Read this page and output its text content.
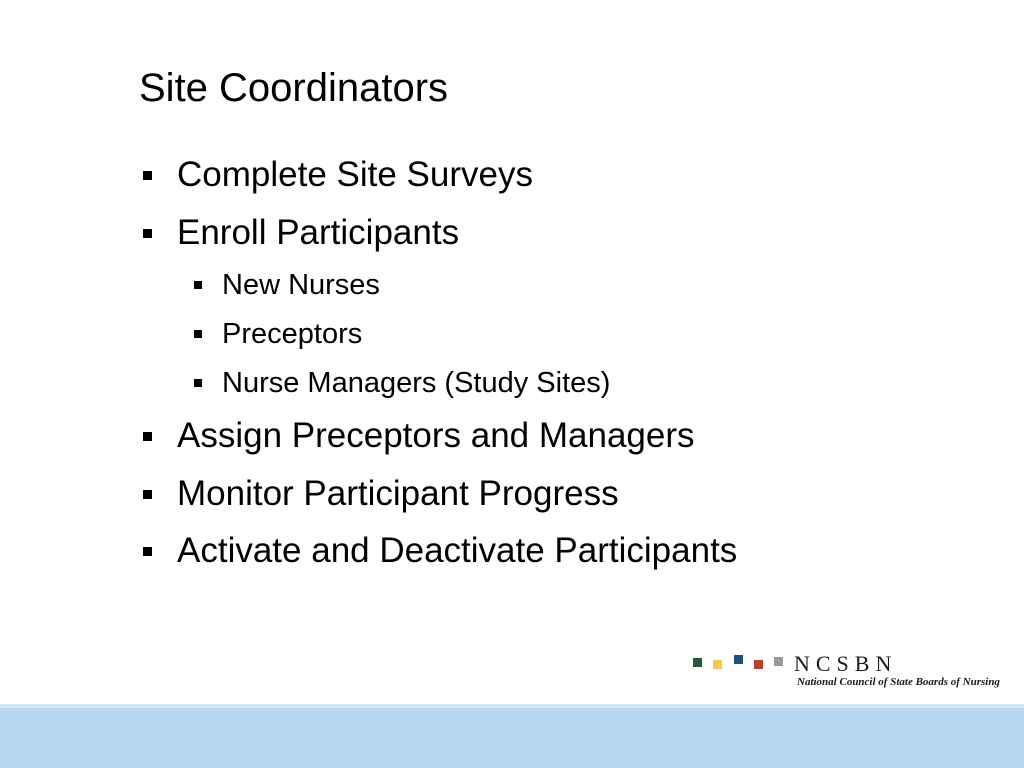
Site Coordinators
Complete Site Surveys
Enroll Participants
New Nurses
Preceptors
Nurse Managers (Study Sites)
Assign Preceptors and Managers
Monitor Participant Progress
Activate and Deactivate Participants
NCSBN
National Council of State Boards of Nursing
